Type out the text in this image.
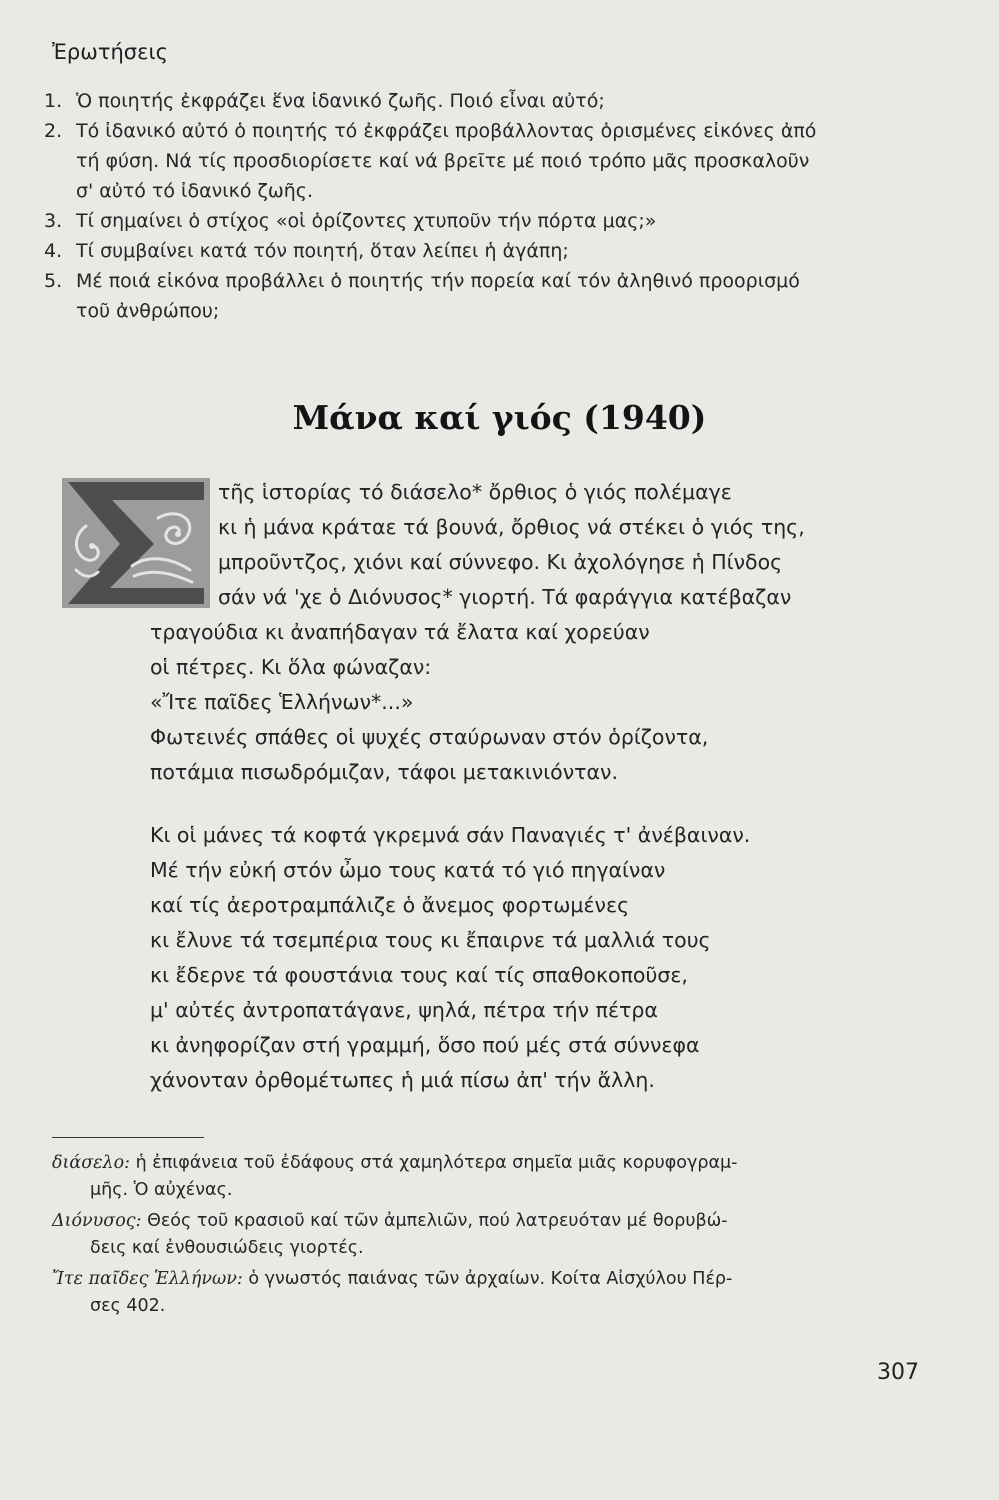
Ἐρωτήσεις
1. Ὁ ποιητής ἐκφράζει ἕνα ἰδανικό ζωῆς. Ποιό εἶναι αὐτό;
2. Τό ἰδανικό αὐτό ὁ ποιητής τό ἐκφράζει προβάλλοντας ὁρισμένες εἰκόνες ἀπό
τή φύση. Νά τίς προσδιορίσετε καί νά βρεῖτε μέ ποιό τρόπο μᾶς προσκαλοῦν
σ' αὐτό τό ἰδανικό ζωῆς.
3. Τί σημαίνει ὁ στίχος «οἱ ὁρίζοντες χτυποῦν τήν πόρτα μας;»
4. Τί συμβαίνει κατά τόν ποιητή, ὅταν λείπει ἡ ἀγάπη;
5. Μέ ποιά εἰκόνα προβάλλει ὁ ποιητής τήν πορεία καί τόν ἀληθινό προορισμό
τοῦ ἀνθρώπου;
Μάνα καί γιός (1940)
τῆς ἱστορίας τό διάσελο* ὄρθιος ὁ γιός πολέμαγε
κι ἡ μάνα κράταε τά βουνά, ὄρθιος νά στέκει ὁ γιός της,
μπροῦντζος, χιόνι καί σύννεφο. Κι ἀχολόγησε ἡ Πίνδος
σάν νά 'χε ὁ Διόνυσος* γιορτή. Τά φαράγγια κατέβαζαν
τραγούδια κι ἀναπήδαγαν τά ἔλατα καί χορεύαν
οἱ πέτρες. Κι ὅλα φώναζαν:
«Ἴτε παῖδες Ἑλλήνων*...»
Φωτεινές σπάθες οἱ ψυχές σταύρωναν στόν ὁρίζοντα,
ποτάμια πισωδρόμιζαν, τάφοι μετακινιόνταν.
Κι οἱ μάνες τά κοφτά γκρεμνά σάν Παναγιές τ' ἀνέβαιναν.
Μέ τήν εὐκή στόν ὦμο τους κατά τό γιό πηγαίναν
καί τίς ἀεροτραμπάλιζε ὁ ἄνεμος φορτωμένες
κι ἔλυνε τά τσεμπέρια τους κι ἔπαιρνε τά μαλλιά τους
κι ἔδερνε τά φουστάνια τους καί τίς σπαθοκοποῦσε,
μ' αὐτές ἀντροπατάγανε, ψηλά, πέτρα τήν πέτρα
κι ἀνηφορίζαν στή γραμμή, ὅσο πού μές στά σύννεφα
χάνονταν ὀρθομέτωπες ἡ μιά πίσω ἀπ' τήν ἄλλη.
διάσελο: ἡ ἐπιφάνεια τοῦ ἐδάφους στά χαμηλότερα σημεῖα μιᾶς κορυφογραμ-
μῆς. Ὁ αὐχένας.
Διόνυσος: Θεός τοῦ κρασιοῦ καί τῶν ἀμπελιῶν, πού λατρευόταν μέ θορυβώ-
δεις καί ἐνθουσιώδεις γιορτές.
Ἴτε παῖδες Ἑλλήνων: ὁ γνωστός παιάνας τῶν ἀρχαίων. Κοίτα Αἰσχύλου Πέρ-
σες 402.
307
